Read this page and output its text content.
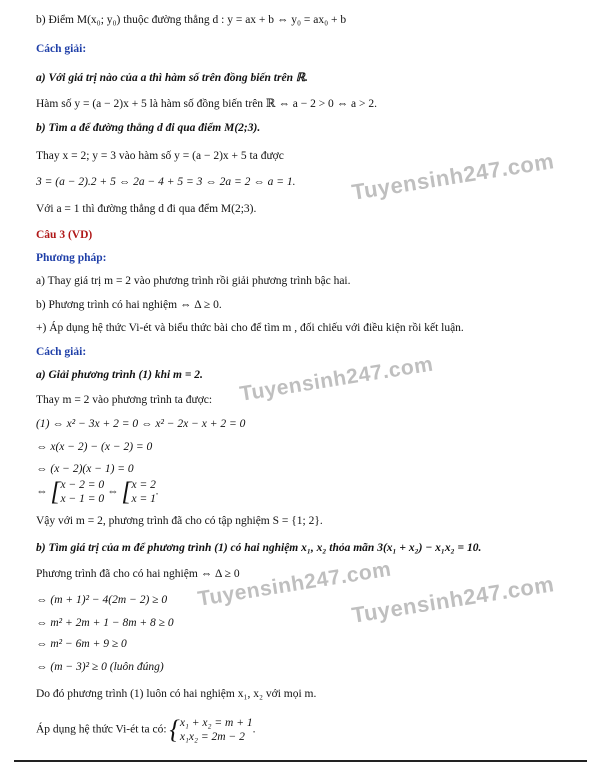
b) Điểm M(x₀; y₀) thuộc đường thẳng d : y = ax + b ⇔ y₀ = ax₀ + b
Cách giải:
a) Với giá trị nào của a thì hàm số trên đồng biến trên ℝ.
Hàm số y = (a − 2)x + 5 là hàm số đồng biến trên ℝ ⇔ a − 2 > 0 ⇔ a > 2.
b) Tìm a để đường thẳng d đi qua điểm M(2;3).
Thay x = 2; y = 3 vào hàm số y = (a − 2)x + 5 ta được
3 = (a − 2).2 + 5 ⇔ 2a − 4 + 5 = 3 ⇔ 2a = 2 ⇔ a = 1.
Với a = 1 thì đường thẳng d đi qua đểm M(2;3).
Câu 3 (VD)
Phương pháp:
a) Thay giá trị m = 2 vào phương trình rồi giải phương trình bậc hai.
b) Phương trình có hai nghiệm ⇔ Δ ≥ 0.
+) Áp dụng hệ thức Vi-ét và biểu thức bài cho để tìm m , đối chiếu với điều kiện rồi kết luận.
Cách giải:
a) Giải phương trình (1) khi m = 2.
Thay m = 2 vào phương trình ta được:
(1) ⇔ x² − 3x + 2 = 0 ⇔ x² − 2x − x + 2 = 0
⇔ x(x − 2) − (x − 2) = 0
⇔ (x − 2)(x − 1) = 0
⇔ [ x − 2 = 0
x − 1 = 0
⇔ [ x = 2
x = 1
.
Vậy với m = 2, phương trình đã cho có tập nghiệm S = {1; 2}.
b) Tìm giá trị của m để phương trình (1) có hai nghiệm x₁, x₂ thỏa mãn 3(x₁ + x₂) − x₁x₂ = 10.
Phương trình đã cho có hai nghiệm ⇔ Δ ≥ 0
⇔ (m + 1)² − 4(2m − 2) ≥ 0
⇔ m² + 2m + 1 − 8m + 8 ≥ 0
⇔ m² − 6m + 9 ≥ 0
⇔ (m − 3)² ≥ 0 (luôn đúng)
Do đó phương trình (1) luôn có hai nghiệm x₁, x₂ với mọi m.
Áp dụng hệ thức Vi-ét ta có: { x₁ + x₂ = m + 1
x₁x₂ = 2m − 2
.
Tuyensinh247.com
Tuyensinh247.com
Tuyensinh247.com
Tuyensinh247.com
